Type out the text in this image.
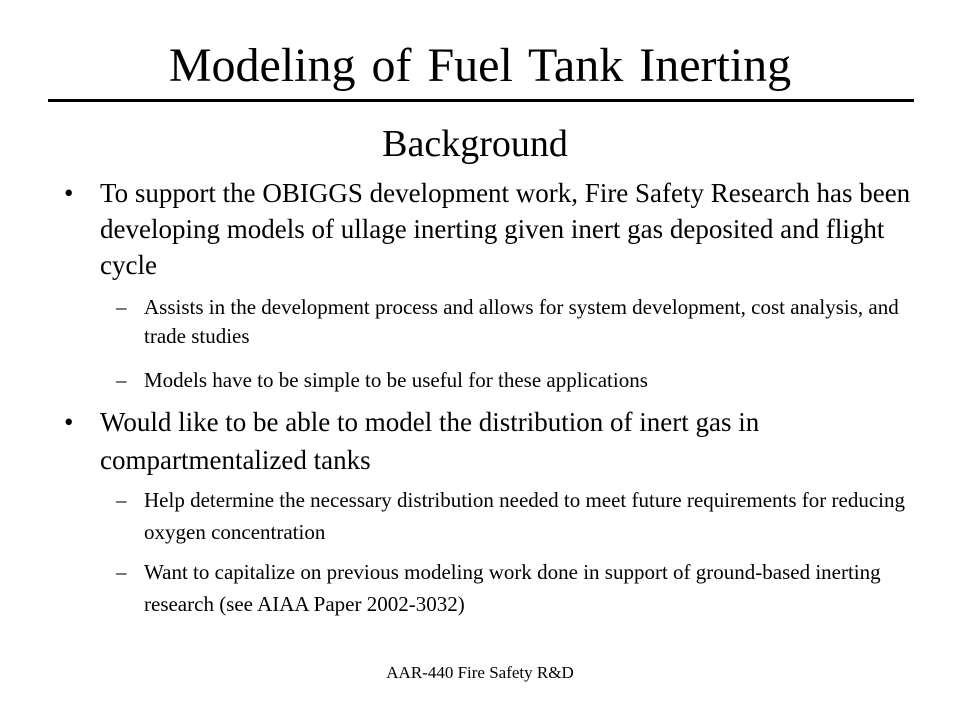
Modeling of Fuel Tank Inerting
Background
• To support the OBIGGS development work, Fire Safety Research has been developing models of ullage inerting given inert gas deposited and flight cycle
– Assists in the development process and allows for system development, cost analysis, and trade studies
– Models have to be simple to be useful for these applications
• Would like to be able to model the distribution of inert gas in compartmentalized tanks
– Help determine the necessary distribution needed to meet future requirements for reducing oxygen concentration
– Want to capitalize on previous modeling work done in support of ground-based inerting research (see AIAA Paper 2002-3032)
AAR-440 Fire Safety R&D
